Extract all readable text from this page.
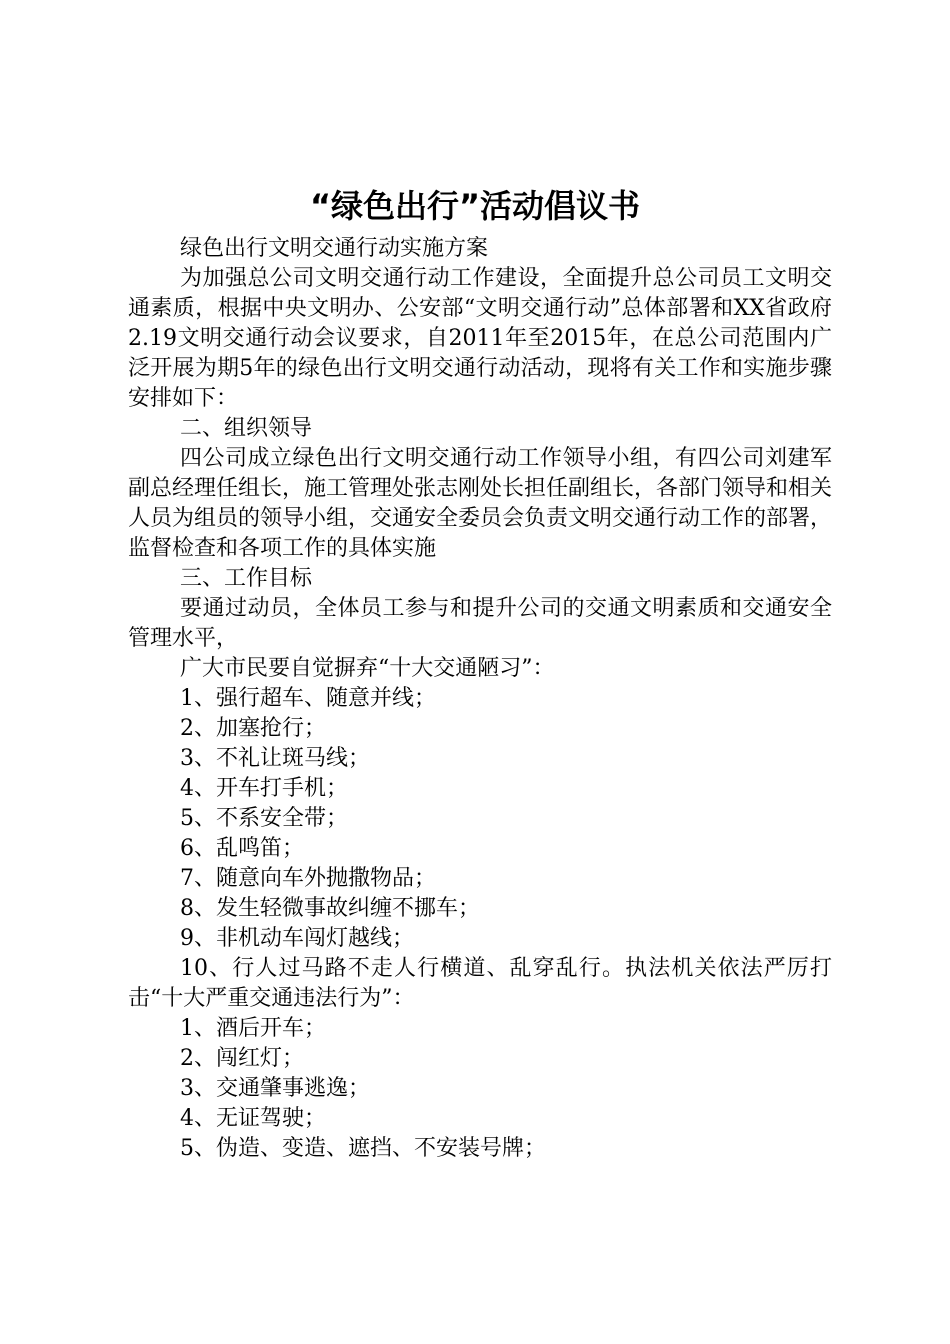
“绿色出行”活动倡议书

绿色出行文明交通行动实施方案

为加强总公司文明交通行动工作建设，全面提升总公司员工文明交通素质，根据中央文明办、公安部“文明交通行动”总体部署和XX省政府2.19文明交通行动会议要求，自2011年至2015年，在总公司范围内广泛开展为期5年的绿色出行文明交通行动活动，现将有关工作和实施步骤安排如下：

二、组织领导

四公司成立绿色出行文明交通行动工作领导小组，有四公司刘建军副总经理任组长，施工管理处张志刚处长担任副组长，各部门领导和相关人员为组员的领导小组，交通安全委员会负责文明交通行动工作的部署，监督检查和各项工作的具体实施

三、工作目标

要通过动员，全体员工参与和提升公司的交通文明素质和交通安全管理水平，

广大市民要自觉摒弃“十大交通陋习”：

1、强行超车、随意并线；

2、加塞抢行；

3、不礼让斑马线；

4、开车打手机；

5、不系安全带；

6、乱鸣笛；

7、随意向车外抛撒物品；

8、发生轻微事故纠缠不挪车；

9、非机动车闯灯越线；

10、行人过马路不走人行横道、乱穿乱行。执法机关依法严厉打击“十大严重交通违法行为”：

1、酒后开车；

2、闯红灯；

3、交通肇事逃逸；

4、无证驾驶；

5、伪造、变造、遮挡、不安装号牌；
